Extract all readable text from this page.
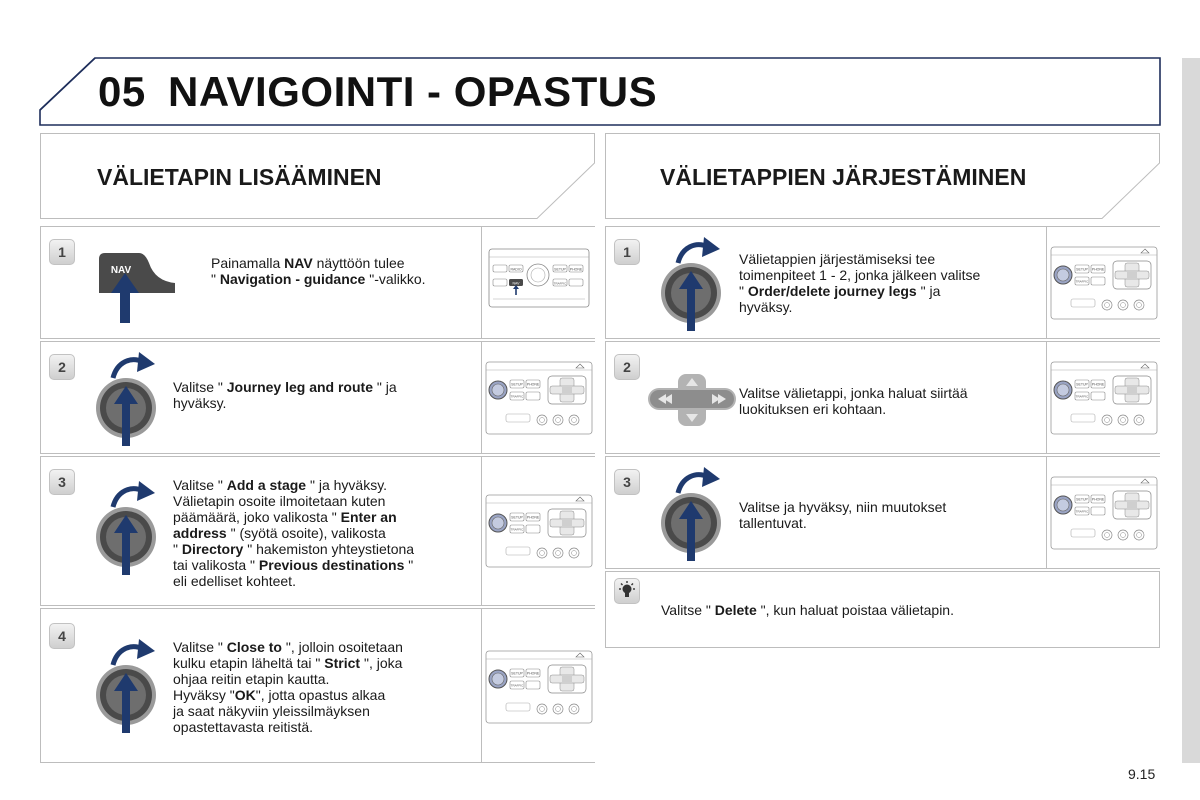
05 NAVIGOINTI - OPASTUS
VÄLIETAPIN LISÄÄMINEN	VÄLIETAPPIEN JÄRJESTÄMINEN
1
NAV	Painamalla NAV näyttöön tulee
" Navigation - guidance "-valikko.
RADIO	SETUP PHONE
NAV	TRAFFIC
2
Valitse " Journey leg and route " ja
hyväksy.
SETUP PHONE
TRAFFIC
3	Valitse " Add a stage " ja hyväksy.
Välietapin osoite ilmoitetaan kuten
päämäärä, joko valikosta " Enter an
address " (syötä osoite), valikosta
" Directory " hakemiston yhteystietona
tai valikosta " Previous destinations "
eli edelliset kohteet.
SETUP PHONE
TRAFFIC
4
Valitse " Close to ", jolloin osoitetaan
kulku etapin läheltä tai " Strict ", joka
ohjaa reitin etapin kautta.
Hyväksy "OK", jotta opastus alkaa
ja saat näkyviin yleissilmäyksen
opastettavasta reitistä.
SETUP PHONE
TRAFFIC
1	Välietappien järjestämiseksi tee
toimenpiteet 1 - 2, jonka jälkeen valitse
" Order/delete journey legs " ja
hyväksy.
SETUP PHONE
TRAFFIC
2
Valitse välietappi, jonka haluat siirtää
luokituksen eri kohtaan.
SETUP PHONE
TRAFFIC
3
Valitse ja hyväksy, niin muutokset
tallentuvat.
SETUP PHONE
TRAFFIC
Valitse " Delete ", kun haluat poistaa välietapin.
9.15
